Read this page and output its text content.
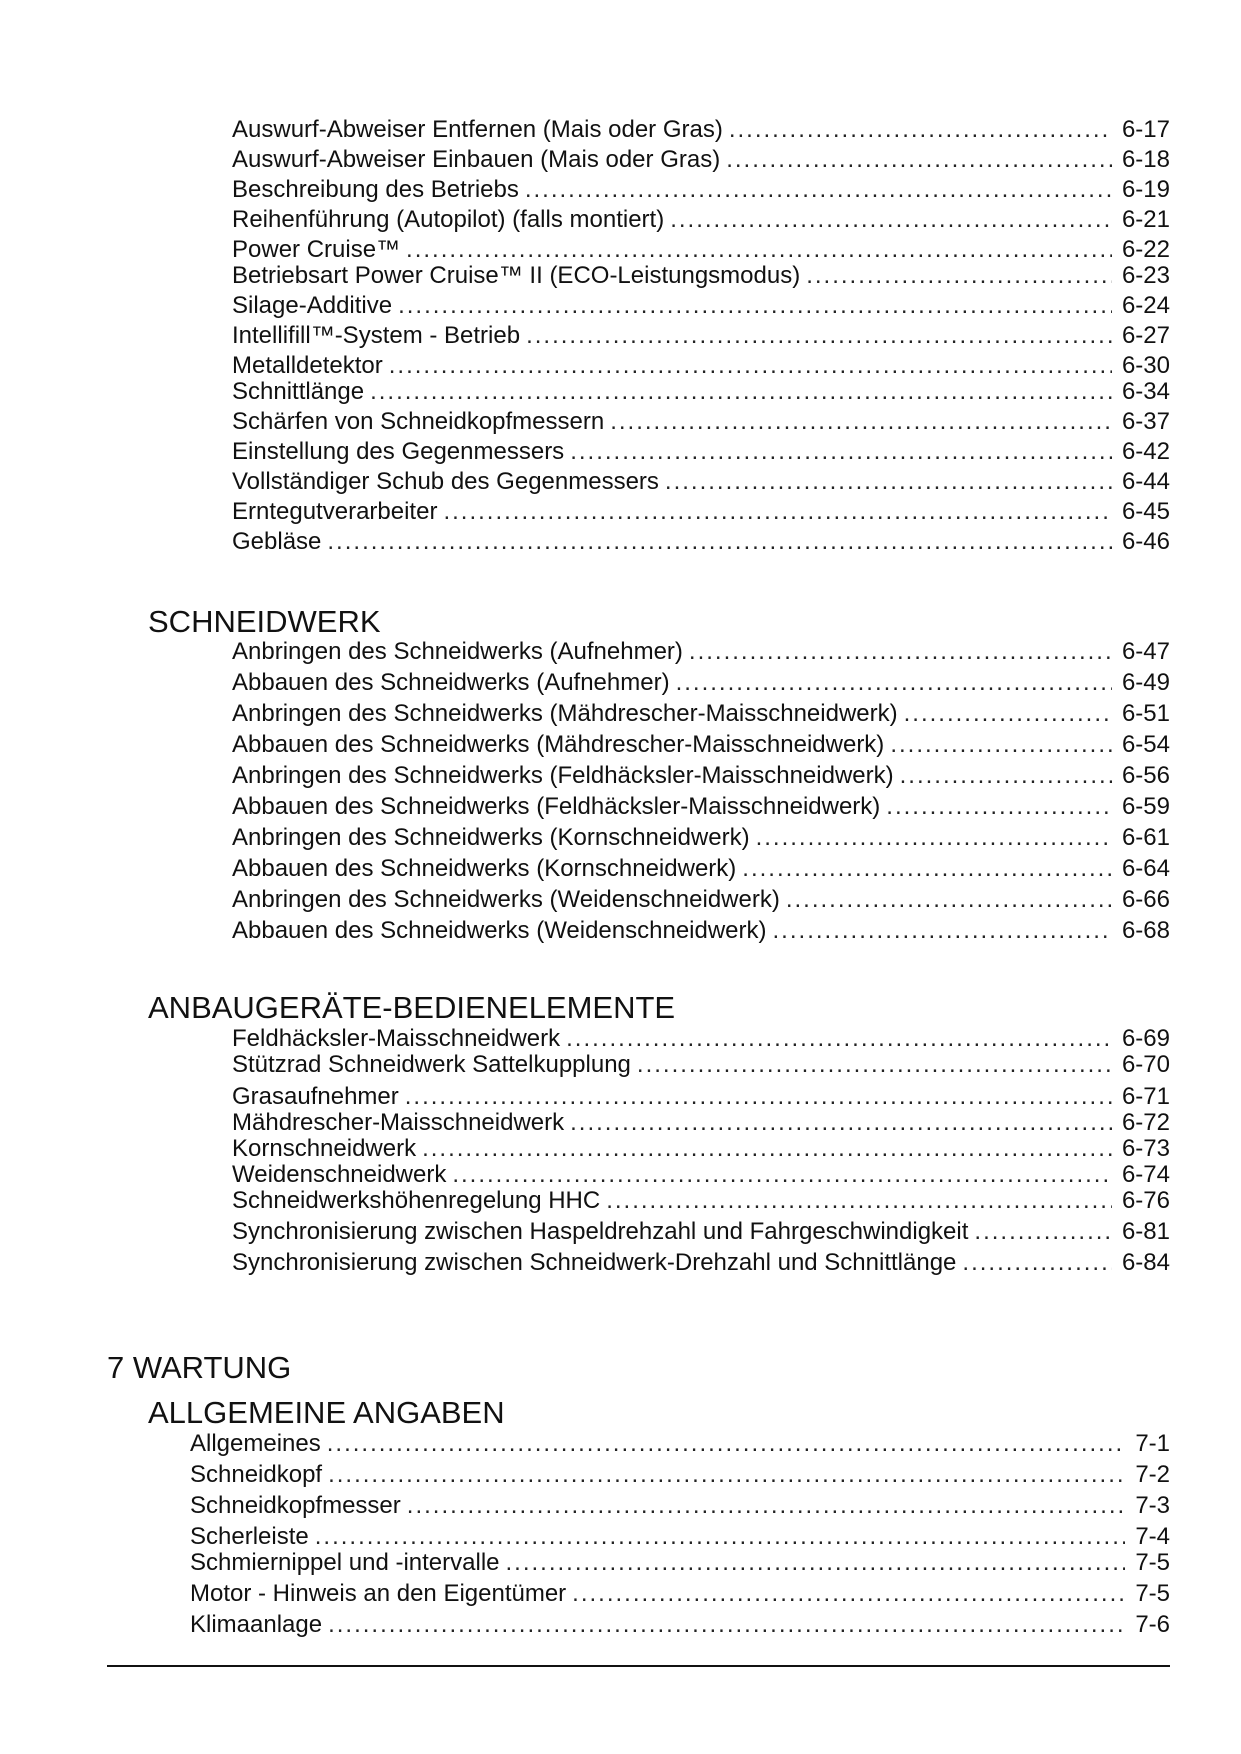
Auswurf-Abweiser Entfernen (Mais oder Gras) .....	6-17
Auswurf-Abweiser Einbauen (Mais oder Gras) .....	6-18
Beschreibung des Betriebs .....	6-19
Reihenführung (Autopilot) (falls montiert) .....	6-21
Power Cruise™ .....	6-22
Betriebsart Power Cruise™ II (ECO-Leistungsmodus) .....	6-23
Silage-Additive .....	6-24
Intellifill™-System - Betrieb .....	6-27
Metalldetektor .....	6-30
Schnittlänge .....	6-34
Schärfen von Schneidkopfmessern .....	6-37
Einstellung des Gegenmessers .....	6-42
Vollständiger Schub des Gegenmessers .....	6-44
Erntegutverarbeiter .....	6-45
Gebläse .....	6-46
SCHNEIDWERK
Anbringen des Schneidwerks (Aufnehmer) .....	6-47
Abbauen des Schneidwerks (Aufnehmer) .....	6-49
Anbringen des Schneidwerks (Mähdrescher-Maisschneidwerk) .....	6-51
Abbauen des Schneidwerks (Mähdrescher-Maisschneidwerk) .....	6-54
Anbringen des Schneidwerks (Feldhäcksler-Maisschneidwerk) .....	6-56
Abbauen des Schneidwerks (Feldhäcksler-Maisschneidwerk) .....	6-59
Anbringen des Schneidwerks (Kornschneidwerk) .....	6-61
Abbauen des Schneidwerks (Kornschneidwerk) .....	6-64
Anbringen des Schneidwerks (Weidenschneidwerk) .....	6-66
Abbauen des Schneidwerks (Weidenschneidwerk) .....	6-68
ANBAUGERÄTE-BEDIENELEMENTE
Feldhäcksler-Maisschneidwerk .....	6-69
Stützrad Schneidwerk Sattelkupplung .....	6-70
Grasaufnehmer .....	6-71
Mähdrescher-Maisschneidwerk .....	6-72
Kornschneidwerk .....	6-73
Weidenschneidwerk .....	6-74
Schneidwerkshöhenregelung HHC .....	6-76
Synchronisierung zwischen Haspeldrehzahl und Fahrgeschwindigkeit .....	6-81
Synchronisierung zwischen Schneidwerk-Drehzahl und Schnittlänge .....	6-84
7 WARTUNG
ALLGEMEINE ANGABEN
Allgemeines .....	7-1
Schneidkopf .....	7-2
Schneidkopfmesser .....	7-3
Scherleiste .....	7-4
Schmiernippel und -intervalle .....	7-5
Motor - Hinweis an den Eigentümer .....	7-5
Klimaanlage .....	7-6
